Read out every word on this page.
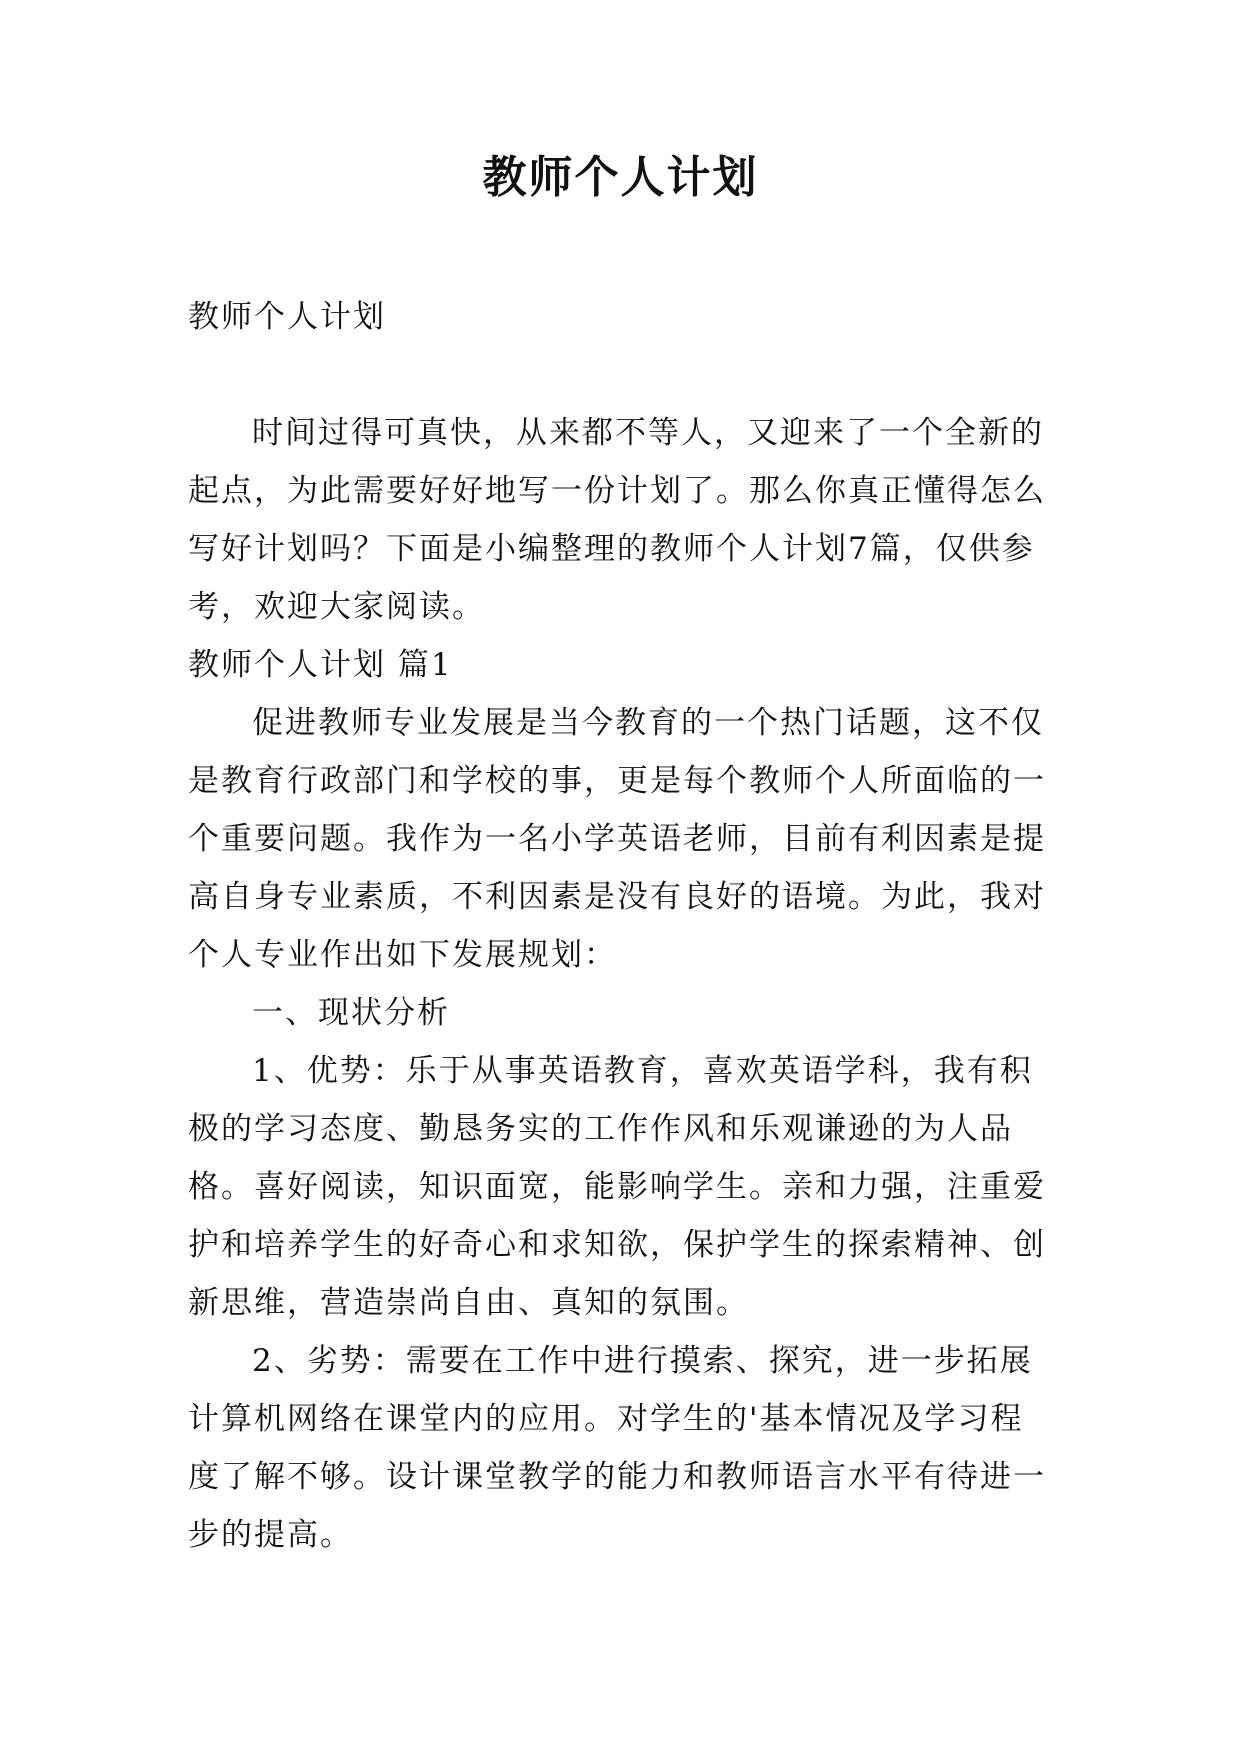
教师个人计划

教师个人计划

时间过得可真快，从来都不等人，又迎来了一个全新的起点，为此需要好好地写一份计划了。那么你真正懂得怎么写好计划吗？下面是小编整理的教师个人计划7篇，仅供参考，欢迎大家阅读。

教师个人计划 篇1

促进教师专业发展是当今教育的一个热门话题，这不仅是教育行政部门和学校的事，更是每个教师个人所面临的一个重要问题。我作为一名小学英语老师，目前有利因素是提高自身专业素质，不利因素是没有良好的语境。为此，我对个人专业作出如下发展规划：

一、现状分析

1、优势：乐于从事英语教育，喜欢英语学科，我有积极的学习态度、勤恳务实的工作作风和乐观谦逊的为人品格。喜好阅读，知识面宽，能影响学生。亲和力强，注重爱护和培养学生的好奇心和求知欲，保护学生的探索精神、创新思维，营造崇尚自由、真知的氛围。

2、劣势：需要在工作中进行摸索、探究，进一步拓展计算机网络在课堂内的应用。对学生的'基本情况及学习程度了解不够。设计课堂教学的能力和教师语言水平有待进一步的提高。
